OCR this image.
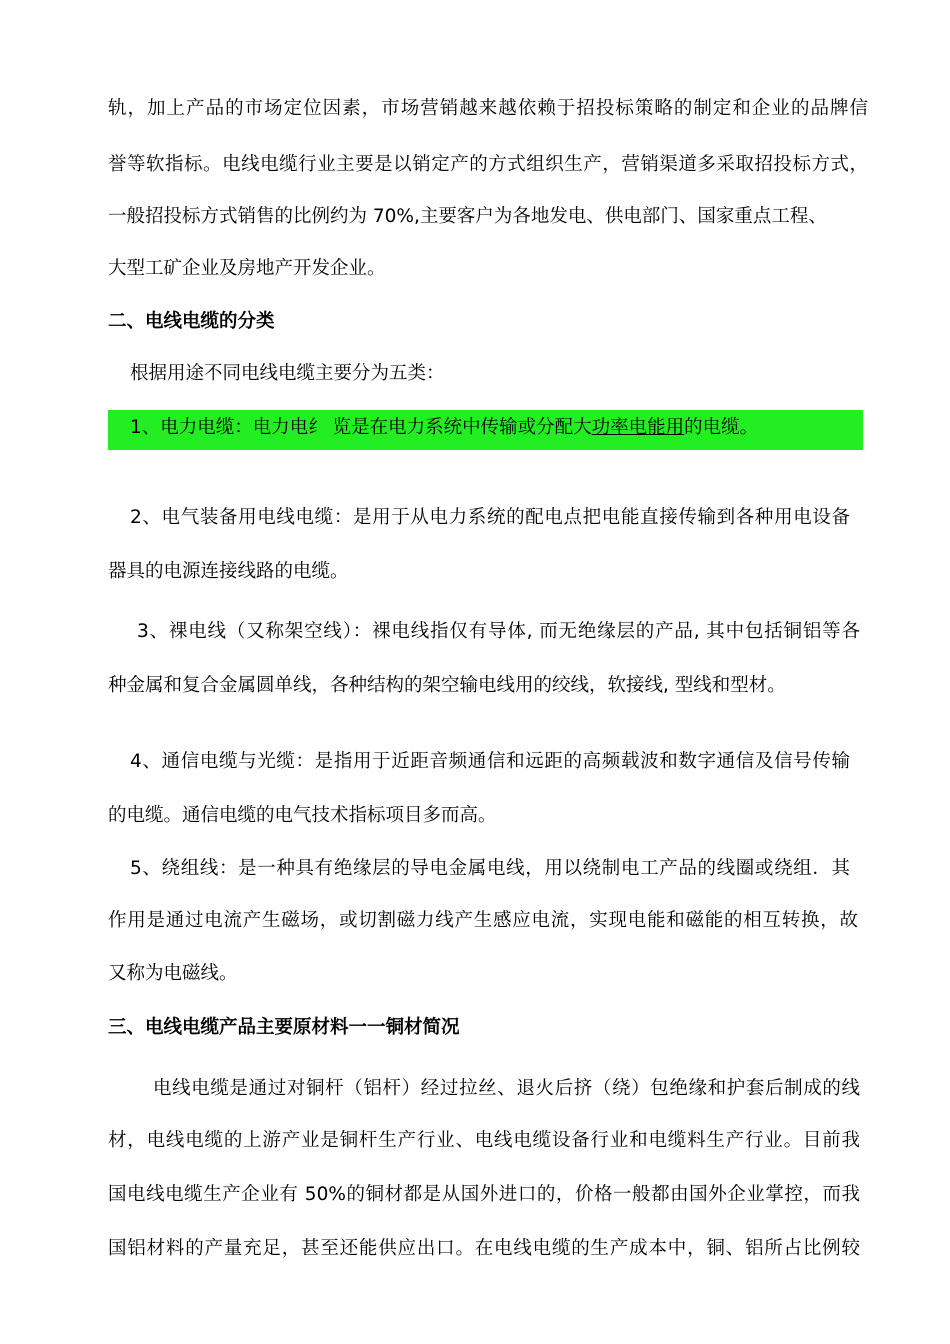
轨，加上产品的市场定位因素，市场营销越来越依赖于招投标策略的制定和企业的品牌信
誉等软指标。电线电缆行业主要是以销定产的方式组织生产，营销渠道多采取招投标方式，
一般招投标方式销售的比例约为 70%,主要客户为各地发电、供电部门、国家重点工程、
大型工矿企业及房地产开发企业。
二、电线电缆的分类
根据用途不同电线电缆主要分为五类：
1、电力电缆：电力电纟 览是在电力系统中传输或分配大功率电能用的电缆。
2、电气装备用电线电缆：是用于从电力系统的配电点把电能直接传输到各种用电设备
器具的电源连接线路的电缆。
3、裸电线（又称架空线）：裸电线指仅有导体, 而无绝缘层的产品, 其中包括铜铝等各
种金属和复合金属圆单线，各种结构的架空输电线用的绞线，软接线, 型线和型材。
4、通信电缆与光缆：是指用于近距音频通信和远距的高频载波和数字通信及信号传输
的电缆。通信电缆的电气技术指标项目多而高。
5、绕组线：是一种具有绝缘层的导电金属电线，用以绕制电工产品的线圈或绕组．其
作用是通过电流产生磁场，或切割磁力线产生感应电流，实现电能和磁能的相互转换，故
又称为电磁线。
三、电线电缆产品主要原材料一一铜材简况
电线电缆是通过对铜杆（铝杆）经过拉丝、退火后挤（绕）包绝缘和护套后制成的线
材，电线电缆的上游产业是铜杆生产行业、电线电缆设备行业和电缆料生产行业。目前我
国电线电缆生产企业有 50%的铜材都是从国外进口的，价格一般都由国外企业掌控，而我
国铝材料的产量充足，甚至还能供应出口。在电线电缆的生产成本中，铜、铝所占比例较
